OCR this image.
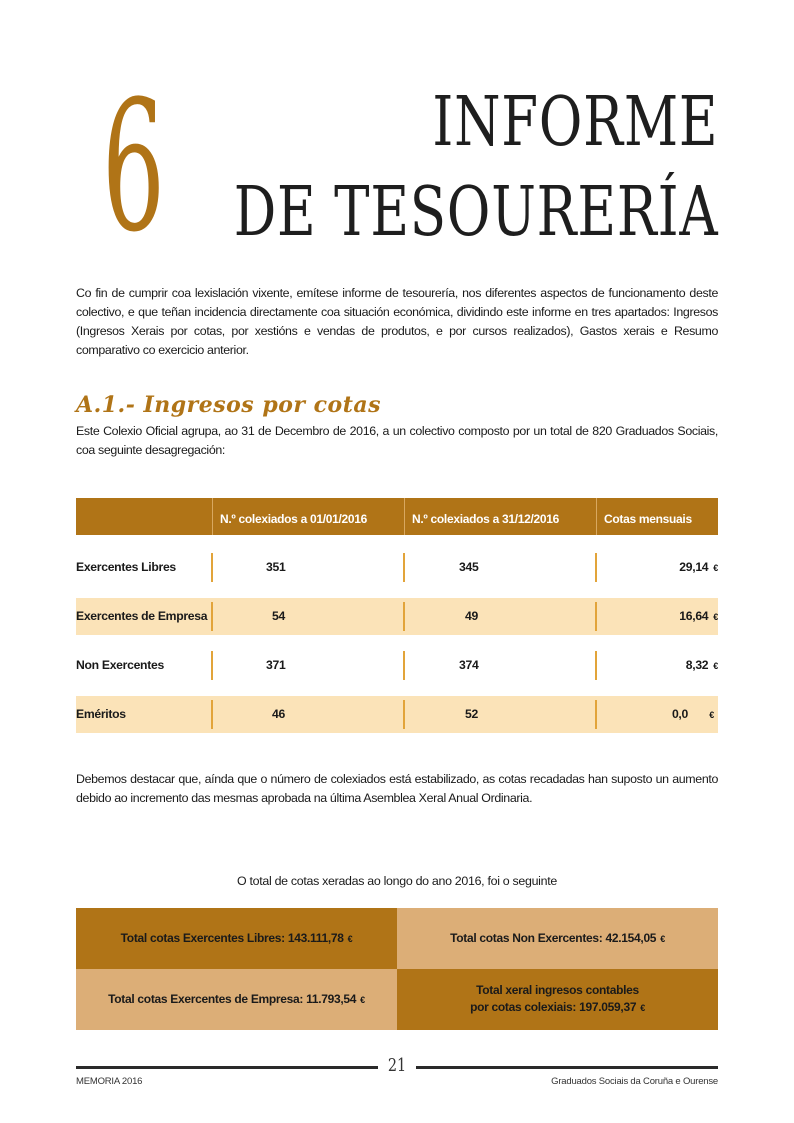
6	INFORME
DE TESOURERÍA
Co fin de cumprir coa lexislación vixente, emítese informe de tesourería, nos diferentes aspectos de funcionamento deste colectivo, e que teñan incidencia directamente coa situación económica, dividindo este informe en tres apartados: Ingresos (Ingresos Xerais por cotas, por xestións e vendas de produtos, e por cursos realizados), Gastos xerais e Resumo comparativo co exercicio anterior.
A.1.- Ingresos por cotas
Este Colexio Oficial agrupa, ao 31 de Decembro de 2016, a un colectivo composto por un total de 820 Graduados Sociais, coa seguinte desagregación:
N.º colexiados a 01/01/2016	N.º colexiados a 31/12/2016	Cotas mensuais
Exercentes Libres	351	345	29,14 €
Exercentes de Empresa	54	49	16,64 €
Non Exercentes	371	374	8,32 €
Eméritos	46	52	0,0	€
Debemos destacar que, aínda que o número de colexiados está estabilizado, as cotas recadadas han suposto un aumento debido ao incremento das mesmas aprobada na última Asemblea Xeral Anual Ordinaria.
O total de cotas xeradas ao longo do ano 2016, foi o seguinte
Total cotas Exercentes Libres: 143.111,78 €	Total cotas Non Exercentes: 42.154,05 €
Total cotas Exercentes de Empresa: 11.793,54 €
Total xeral ingresos contables
por cotas colexiais: 197.059,37 €
21
MEMORIA 2016	Graduados Sociais da Coruña e Ourense
